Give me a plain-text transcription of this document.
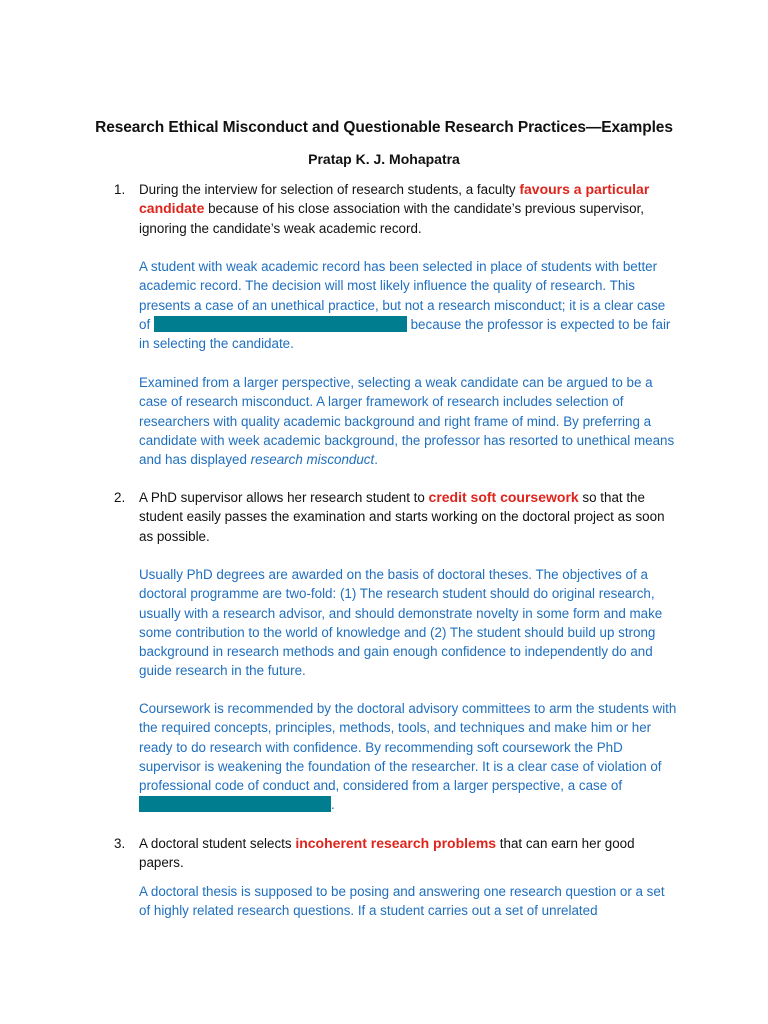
Research Ethical Misconduct and Questionable Research Practices—Examples
Pratap K. J. Mohapatra
1. During the interview for selection of research students, a faculty favours a particular candidate because of his close association with the candidate’s previous supervisor, ignoring the candidate’s weak academic record.
A student with weak academic record has been selected in place of students with better academic record. The decision will most likely influence the quality of research. This presents a case of an unethical practice, but not a research misconduct; it is a clear case of	because the professor is expected to be fair in selecting the candidate.
Examined from a larger perspective, selecting a weak candidate can be argued to be a case of research misconduct. A larger framework of research includes selection of researchers with quality academic background and right frame of mind. By preferring a candidate with week academic background, the professor has resorted to unethical means and has displayed research misconduct.
2. A PhD supervisor allows her research student to credit soft coursework so that the student easily passes the examination and starts working on the doctoral project as soon as possible.
Usually PhD degrees are awarded on the basis of doctoral theses. The objectives of a doctoral programme are two-fold: (1) The research student should do original research, usually with a research advisor, and should demonstrate novelty in some form and make some contribution to the world of knowledge and (2) The student should build up strong background in research methods and gain enough confidence to independently do and guide research in the future.
Coursework is recommended by the doctoral advisory committees to arm the students with the required concepts, principles, methods, tools, and techniques and make him or her ready to do research with confidence. By recommending soft coursework the PhD supervisor is weakening the foundation of the researcher. It is a clear case of violation of professional code of conduct and, considered from a larger perspective, a case of .
3. A doctoral student selects incoherent research problems that can earn her good papers.
A doctoral thesis is supposed to be posing and answering one research question or a set of highly related research questions. If a student carries out a set of unrelated
